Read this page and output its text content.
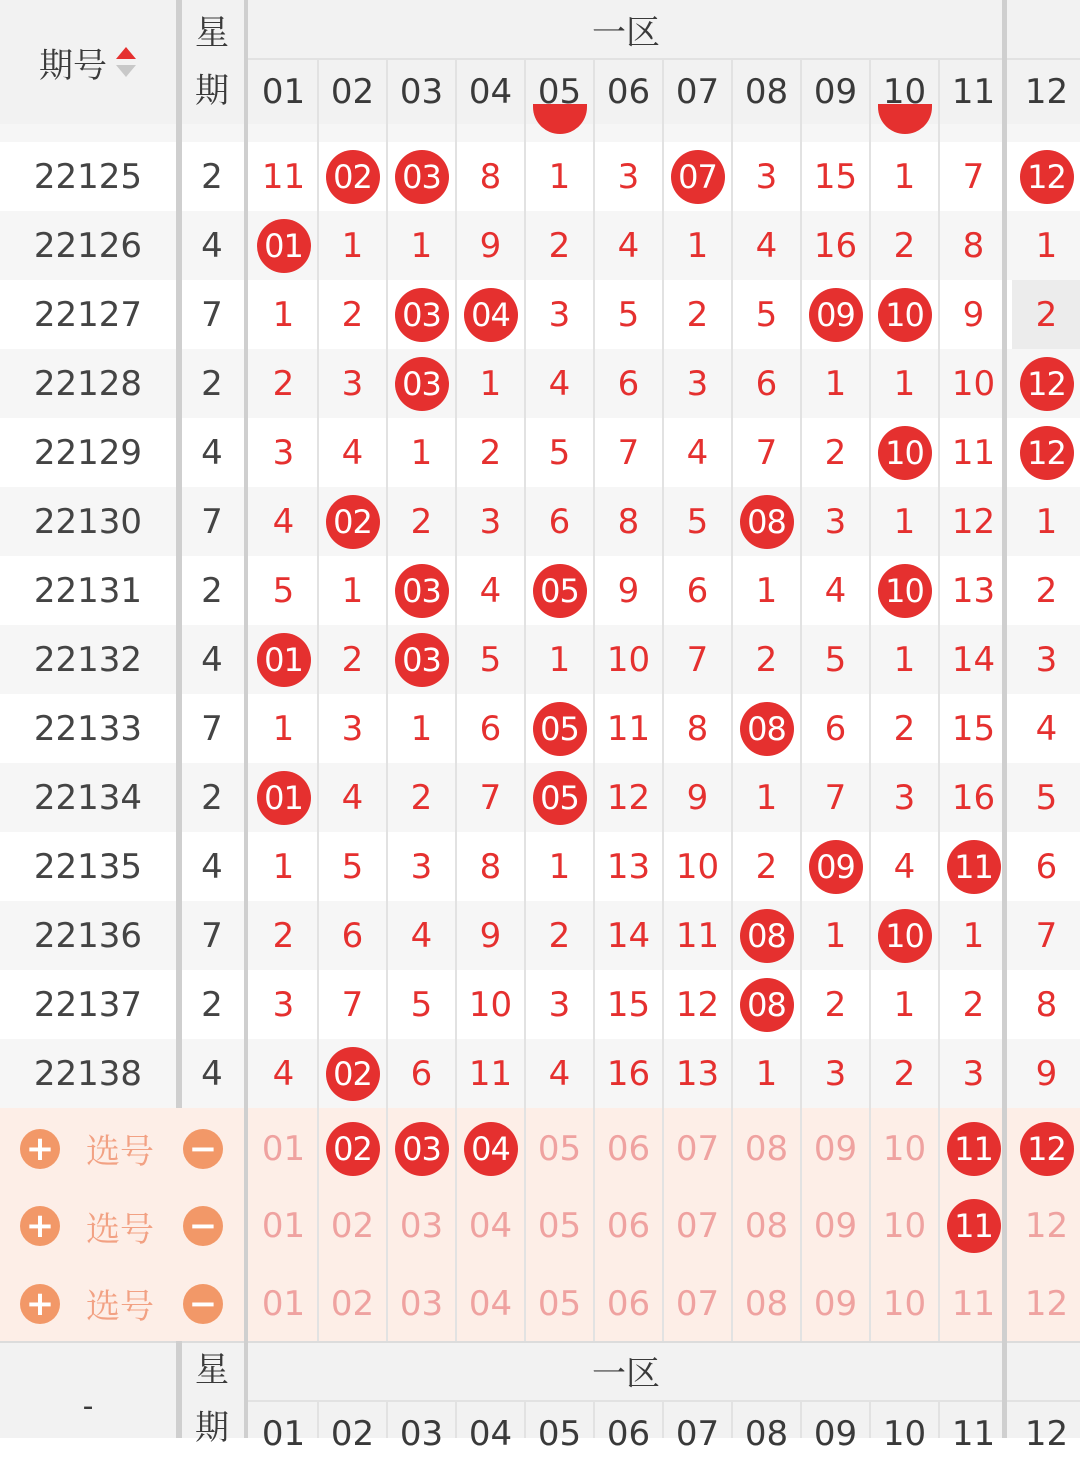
期号
星
期
一区
01 02 03 04 05 06 07 08 09 10 11 12
22125	2	11 02 03 8 1 3 07 3 15 1 7 12
22126	4	01 1 1 9 2 4 1 4 16 2 8 1
22127	7	1 2 03 04 3 5 2 5 09 10 9 2
22128	2	2 3 03 1 4 6 3 6 1 1 10 12
22129	4	3 4 1 2 5 7 4 7 2 10 11 12
22130	7	4 02 2 3 6 8 5 08 3 1 12 1
22131	2	5 1 03 4 05 9 6 1 4 10 13 2
22132	4	01 2 03 5 1 10 7 2 5 1 14 3
22133	7	1 3 1 6 05 11 8 08 6 2 15 4
22134	2	01 4 2 7 05 12 9 1 7 3 16 5
22135	4	1 5 3 8 1 13 10 2 09 4 11 6
22136	7	2 6 4 9 2 14 11 08 1 10 1 7
22137	2	3 7 5 10 3 15 12 08 2 1 2 8
22138	4	4 02 6 11 4 16 13 1 3 2 3 9
+ 选号	− 01 02 03 04 05 06 07 08 09 10 11 12
+ 选号	− 01 02 03 04 05 06 07 08 09 10 11 12
+ 选号	− 01 02 03 04 05 06 07 08 09 10 11 12
-
星
期
一区
01 02 03 04 05 06 07 08 09 10 11 12
